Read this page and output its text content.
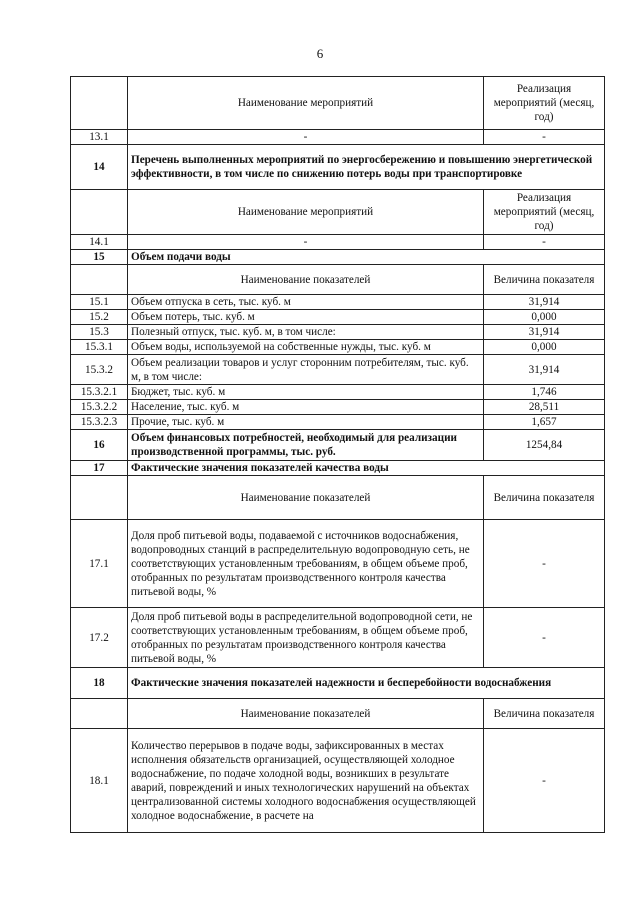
6
	Наименование мероприятий	Реализация мероприятий (месяц, год)
13.1	-	-
14	Перечень выполненных мероприятий по энергосбережению и повышению энергетической эффективности, в том числе по снижению потерь воды при транспортировке	
	Наименование мероприятий	Реализация мероприятий (месяц, год)
14.1	-	-
15	Объем подачи воды	
	Наименование показателей	Величина показателя
15.1	Объем отпуска в сеть, тыс. куб. м	31,914
15.2	Объем потерь, тыс. куб. м	0,000
15.3	Полезный отпуск, тыс. куб. м, в том числе:	31,914
15.3.1	Объем воды, используемой на собственные нужды, тыс. куб. м	0,000
15.3.2	Объем реализации товаров и услуг сторонним потребителям, тыс. куб. м, в том числе:	31,914
15.3.2.1	Бюджет, тыс. куб. м	1,746
15.3.2.2	Население, тыс. куб. м	28,511
15.3.2.3	Прочие, тыс. куб. м	1,657
16	Объем финансовых потребностей, необходимый для реализации производственной программы, тыс. руб.	1254,84
17	Фактические значения показателей качества воды	
	Наименование показателей	Величина показателя
17.1	Доля проб питьевой воды, подаваемой с источников водоснабжения, водопроводных станций в распределительную водопроводную сеть, не соответствующих установленным требованиям, в общем объеме проб, отобранных по результатам производственного контроля качества питьевой воды, %	-
17.2	Доля проб питьевой воды в распределительной водопроводной сети, не соответствующих установленным требованиям, в общем объеме проб, отобранных по результатам производственного контроля качества питьевой воды, %	-
18	Фактические значения показателей надежности и бесперебойности водоснабжения	
	Наименование показателей	Величина показателя
18.1	Количество перерывов в подаче воды, зафиксированных в местах исполнения обязательств организацией, осуществляющей холодное водоснабжение, по подаче холодной воды, возникших в результате аварий, повреждений и иных технологических нарушений на объектах централизованной системы холодного водоснабжения осуществляющей холодное водоснабжение, в расчете на	-
